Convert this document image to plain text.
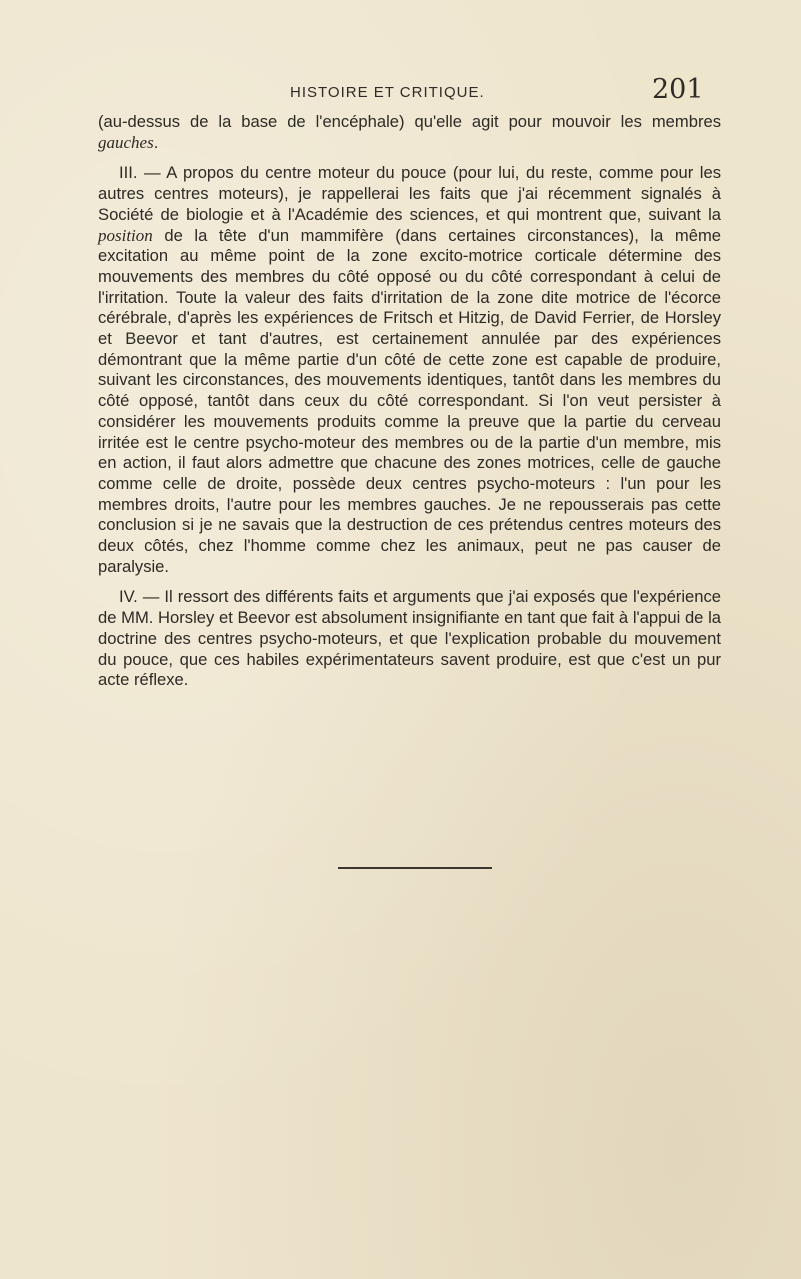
HISTOIRE ET CRITIQUE.	201

(au-dessus de la base de l'encéphale) qu'elle agit pour mouvoir les membres gauches.

III. — A propos du centre moteur du pouce (pour lui, du reste, comme pour les autres centres moteurs), je rappellerai les faits que j'ai récemment signalés à Société de biologie et à l'Académie des sciences, et qui montrent que, suivant la position de la tête d'un mammifère (dans certaines circonstances), la même excitation au même point de la zone excito-motrice corticale détermine des mouvements des membres du côté opposé ou du côté correspondant à celui de l'irritation. Toute la valeur des faits d'irritation de la zone dite motrice de l'écorce cérébrale, d'après les expériences de Fritsch et Hitzig, de David Ferrier, de Horsley et Beevor et tant d'autres, est certainement annulée par des expériences démontrant que la même partie d'un côté de cette zone est capable de produire, suivant les circonstances, des mouvements identiques, tantôt dans les membres du côté opposé, tantôt dans ceux du côté correspondant. Si l'on veut persister à considérer les mouvements produits comme la preuve que la partie du cerveau irritée est le centre psycho-moteur des membres ou de la partie d'un membre, mis en action, il faut alors admettre que chacune des zones motrices, celle de gauche comme celle de droite, possède deux centres psycho-moteurs : l'un pour les membres droits, l'autre pour les membres gauches. Je ne repousserais pas cette conclusion si je ne savais que la destruction de ces prétendus centres moteurs des deux côtés, chez l'homme comme chez les animaux, peut ne pas causer de paralysie.

IV. — Il ressort des différents faits et arguments que j'ai exposés que l'expérience de MM. Horsley et Beevor est absolument insignifiante en tant que fait à l'appui de la doctrine des centres psycho-moteurs, et que l'explication probable du mouvement du pouce, que ces habiles expérimentateurs savent produire, est que c'est un pur acte réflexe.
